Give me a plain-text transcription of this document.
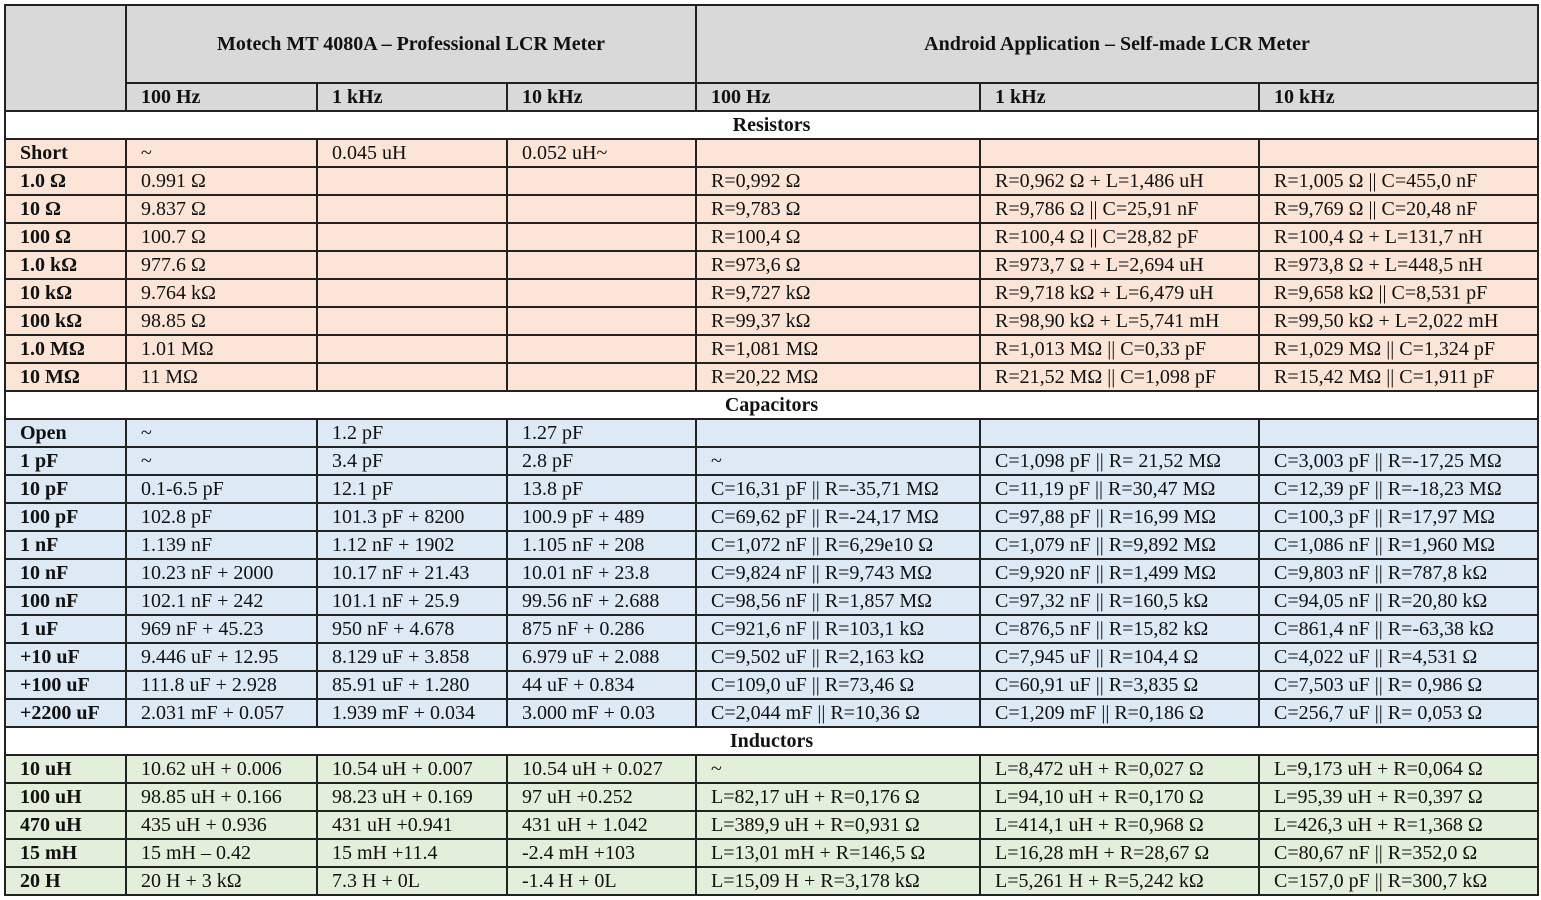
	Motech MT 4080A – Professional LCR Meter			Android Application – Self-made LCR Meter		
	100 Hz	1 kHz	10 kHz	100 Hz	1 kHz	10 kHz
Resistors						
Short	~	0.045 uH	0.052 uH~			
1.0 Ω	0.991 Ω			R=0,992 Ω	R=0,962 Ω + L=1,486 uH	R=1,005 Ω || C=455,0 nF
10 Ω	9.837 Ω			R=9,783 Ω	R=9,786 Ω || C=25,91 nF	R=9,769 Ω || C=20,48 nF
100 Ω	100.7 Ω			R=100,4 Ω	R=100,4 Ω || C=28,82 pF	R=100,4 Ω + L=131,7 nH
1.0 kΩ	977.6 Ω			R=973,6 Ω	R=973,7 Ω + L=2,694 uH	R=973,8 Ω + L=448,5 nH
10 kΩ	9.764 kΩ			R=9,727 kΩ	R=9,718 kΩ + L=6,479 uH	R=9,658 kΩ || C=8,531 pF
100 kΩ	98.85 Ω			R=99,37 kΩ	R=98,90 kΩ + L=5,741 mH	R=99,50 kΩ + L=2,022 mH
1.0 MΩ	1.01 MΩ			R=1,081 MΩ	R=1,013 MΩ || C=0,33 pF	R=1,029 MΩ || C=1,324 pF
10 MΩ	11 MΩ			R=20,22 MΩ	R=21,52 MΩ || C=1,098 pF	R=15,42 MΩ || C=1,911 pF
Capacitors						
Open	~	1.2 pF	1.27 pF			
1 pF	~	3.4 pF	2.8 pF	~	C=1,098 pF || R= 21,52 MΩ	C=3,003 pF || R=-17,25 MΩ
10 pF	0.1-6.5 pF	12.1 pF	13.8 pF	C=16,31 pF || R=-35,71 MΩ	C=11,19 pF || R=30,47 MΩ	C=12,39 pF || R=-18,23 MΩ
100 pF	102.8 pF	101.3 pF + 8200	100.9 pF + 489	C=69,62 pF || R=-24,17 MΩ	C=97,88 pF || R=16,99 MΩ	C=100,3 pF || R=17,97 MΩ
1 nF	1.139 nF	1.12 nF + 1902	1.105 nF + 208	C=1,072 nF || R=6,29e10 Ω	C=1,079 nF || R=9,892 MΩ	C=1,086 nF || R=1,960 MΩ
10 nF	10.23 nF + 2000	10.17 nF + 21.43	10.01 nF + 23.8	C=9,824 nF || R=9,743 MΩ	C=9,920 nF || R=1,499 MΩ	C=9,803 nF || R=787,8 kΩ
100 nF	102.1 nF + 242	101.1 nF + 25.9	99.56 nF + 2.688	C=98,56 nF || R=1,857 MΩ	C=97,32 nF || R=160,5 kΩ	C=94,05 nF || R=20,80 kΩ
1 uF	969 nF + 45.23	950 nF + 4.678	875 nF + 0.286	C=921,6 nF || R=103,1 kΩ	C=876,5 nF || R=15,82 kΩ	C=861,4 nF || R=-63,38 kΩ
+10 uF	9.446 uF + 12.95	8.129 uF + 3.858	6.979 uF + 2.088	C=9,502 uF || R=2,163 kΩ	C=7,945 uF || R=104,4 Ω	C=4,022 uF || R=4,531 Ω
+100 uF	111.8 uF + 2.928	85.91 uF + 1.280	44 uF + 0.834	C=109,0 uF || R=73,46 Ω	C=60,91 uF || R=3,835 Ω	C=7,503 uF || R= 0,986 Ω
+2200 uF	2.031 mF + 0.057	1.939 mF + 0.034	3.000 mF + 0.03	C=2,044 mF || R=10,36 Ω	C=1,209 mF || R=0,186 Ω	C=256,7 uF || R= 0,053 Ω
Inductors						
10 uH	10.62 uH + 0.006	10.54 uH + 0.007	10.54 uH + 0.027	~	L=8,472 uH + R=0,027 Ω	L=9,173 uH + R=0,064 Ω
100 uH	98.85 uH + 0.166	98.23 uH + 0.169	97 uH +0.252	L=82,17 uH + R=0,176 Ω	L=94,10 uH + R=0,170 Ω	L=95,39 uH + R=0,397 Ω
470 uH	435 uH + 0.936	431 uH +0.941	431 uH + 1.042	L=389,9 uH + R=0,931 Ω	L=414,1 uH + R=0,968 Ω	L=426,3 uH + R=1,368 Ω
15 mH	15 mH – 0.42	15 mH +11.4	-2.4 mH +103	L=13,01 mH + R=146,5 Ω	L=16,28 mH + R=28,67 Ω	C=80,67 nF || R=352,0 Ω
20 H	20 H + 3 kΩ	7.3 H + 0L	-1.4 H + 0L	L=15,09 H + R=3,178 kΩ	L=5,261 H + R=5,242 kΩ	C=157,0 pF || R=300,7 kΩ
